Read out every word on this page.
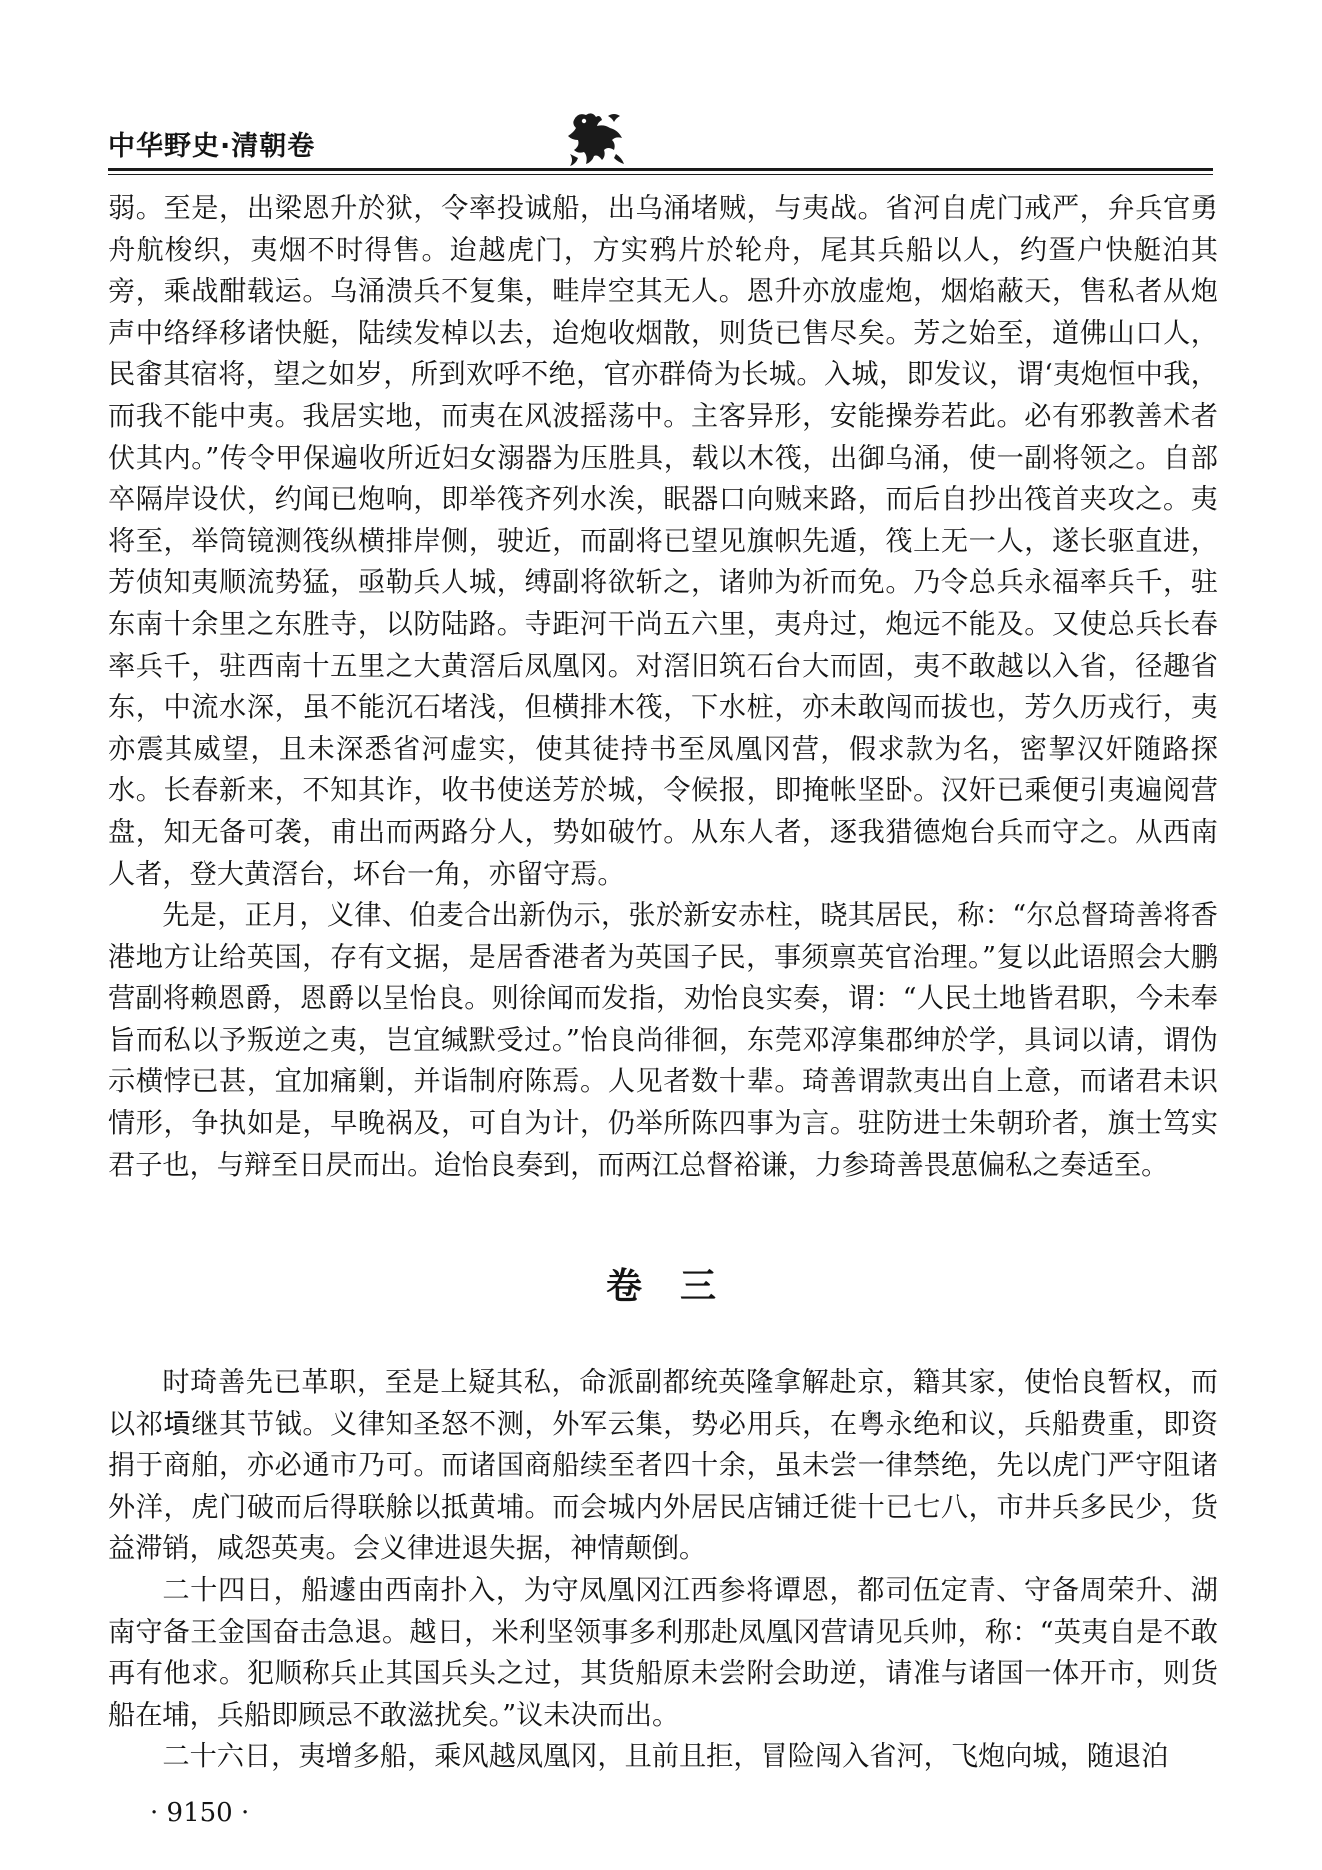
中华野史·清朝卷

弱。至是，出梁恩升於狱，令率投诚船，出乌涌堵贼，与夷战。省河自虎门戒严，弁兵官勇舟航梭织，夷烟不时得售。迨越虎门，方实鸦片於轮舟，尾其兵船以人，约疍户快艇泊其旁，乘战酣载运。乌涌溃兵不复集，畦岸空其无人。恩升亦放虚炮，烟焰蔽天，售私者从炮声中络绎移诸快艇，陆续发棹以去，迨炮收烟散，则货已售尽矣。芳之始至，道佛山口人，民畬其宿将，望之如岁，所到欢呼不绝，官亦群倚为长城。入城，即发议，谓‘夷炮恒中我，而我不能中夷。我居实地，而夷在风波摇荡中。主客异形，安能操券若此。必有邪教善术者伏其内。”传令甲保遍收所近妇女溺器为压胜具，载以木筏，出御乌涌，使一副将领之。自部卒隔岸设伏，约闻已炮响，即举筏齐列水涘，眠器口向贼来路，而后自抄出筏首夹攻之。夷将至，举筒镜测筏纵横排岸侧，驶近，而副将已望见旗帜先遁，筏上无一人，遂长驱直进，芳侦知夷顺流势猛，亟勒兵人城，缚副将欲斩之，诸帅为祈而免。乃令总兵永福率兵千，驻东南十余里之东胜寺，以防陆路。寺距河干尚五六里，夷舟过，炮远不能及。又使总兵长春率兵千，驻西南十五里之大黄滘后凤凰冈。对滘旧筑石台大而固，夷不敢越以入省，径趣省东，中流水深，虽不能沉石堵浅，但横排木筏，下水桩，亦未敢闯而拔也，芳久历戎行，夷亦震其威望，且未深悉省河虚实，使其徒持书至凤凰冈营，假求款为名，密挈汉奸随路探水。长春新来，不知其诈，收书使送芳於城，令候报，即掩帐坚卧。汉奸已乘便引夷遍阅营盘，知无备可袭，甫出而两路分人，势如破竹。从东人者，逐我猎德炮台兵而守之。从西南人者，登大黄滘台，坏台一角，亦留守焉。

先是，正月，义律、伯麦合出新伪示，张於新安赤柱，晓其居民，称：“尔总督琦善将香港地方让给英国，存有文据，是居香港者为英国子民，事须禀英官治理。”复以此语照会大鹏营副将赖恩爵，恩爵以呈怡良。则徐闻而发指，劝怡良实奏，谓：“人民土地皆君职，今未奉旨而私以予叛逆之夷，岂宜缄默受过。”怡良尚徘徊，东莞邓淳集郡绅於学，具词以请，谓伪示横悖已甚，宜加痛剿，并诣制府陈焉。人见者数十辈。琦善谓款夷出自上意，而诸君未识情形，争执如是，早晚祸及，可自为计，仍举所陈四事为言。驻防进士朱朝玠者，旗士笃实君子也，与辩至日昃而出。迨怡良奏到，而两江总督裕谦，力参琦善畏葸偏私之奏适至。

卷三

时琦善先已革职，至是上疑其私，命派副都统英隆拿解赴京，籍其家，使怡良暂权，而以祁𡎴继其节钺。义律知圣怒不测，外军云集，势必用兵，在粤永绝和议，兵船费重，即资捐于商舶，亦必通市乃可。而诸国商船续至者四十余，虽未尝一律禁绝，先以虎门严守阻诸外洋，虎门破而后得联艅以抵黄埔。而会城内外居民店铺迁徙十已七八，市井兵多民少，货益滞销，咸怨英夷。会义律进退失据，神情颠倒。

二十四日，船遽由西南扑入，为守凤凰冈江西参将谭恩，都司伍定青、守备周荣升、湖南守备王金国奋击急退。越日，米利坚领事多利那赴凤凰冈营请见兵帅，称：“英夷自是不敢再有他求。犯顺称兵止其国兵头之过，其货船原未尝附会助逆，请准与诸国一体开市，则货船在埔，兵船即顾忌不敢滋扰矣。”议未决而出。

二十六日，夷增多船，乘风越凤凰冈，且前且拒，冒险闯入省河，飞炮向城，随退泊

· 9150 ·
